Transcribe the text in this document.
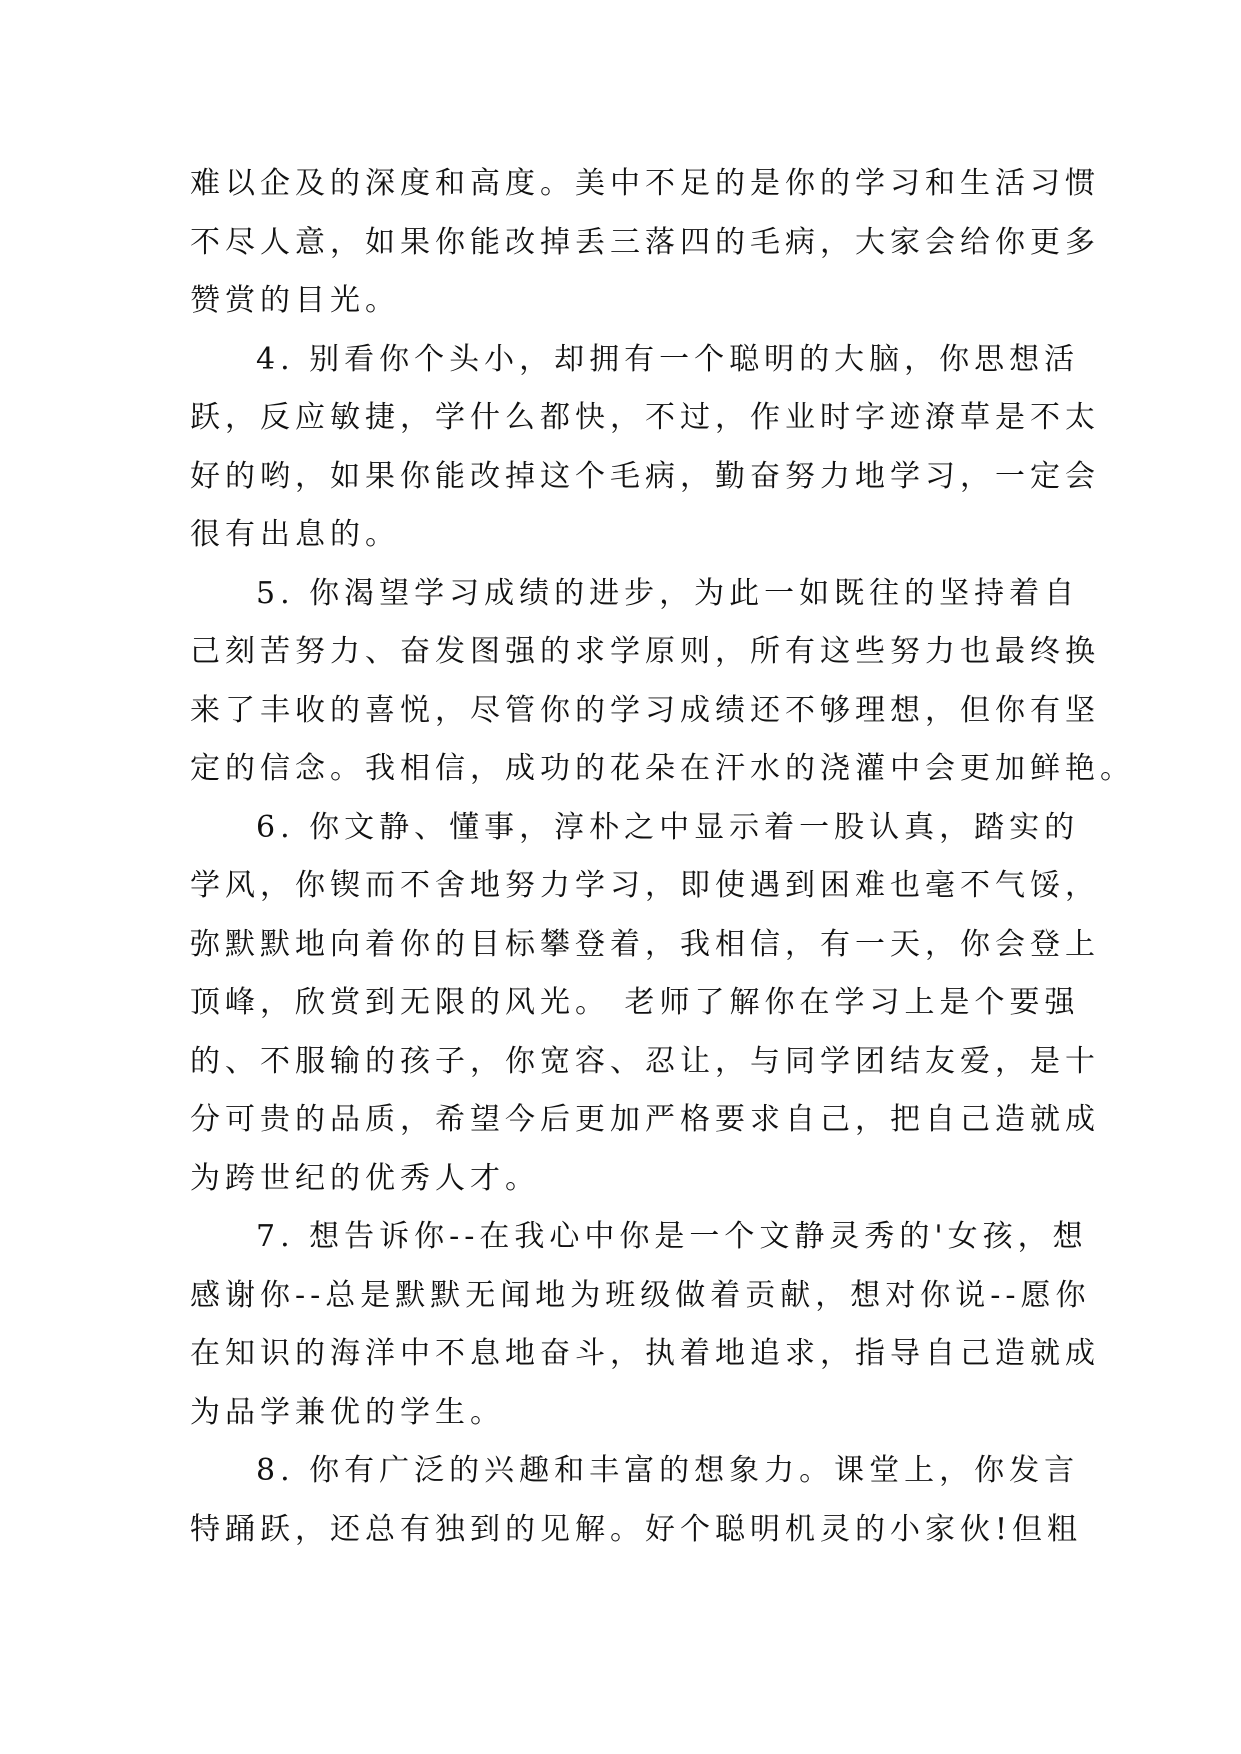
难以企及的深度和高度。美中不足的是你的学习和生活习惯
不尽人意，如果你能改掉丢三落四的毛病，大家会给你更多
赞赏的目光。
4. 别看你个头小，却拥有一个聪明的大脑，你思想活
跃，反应敏捷，学什么都快，不过，作业时字迹潦草是不太
好的哟，如果你能改掉这个毛病，勤奋努力地学习，一定会
很有出息的。
5. 你渴望学习成绩的进步，为此一如既往的坚持着自
己刻苦努力、奋发图强的求学原则，所有这些努力也最终换
来了丰收的喜悦，尽管你的学习成绩还不够理想，但你有坚
定的信念。我相信，成功的花朵在汗水的浇灌中会更加鲜艳。
6. 你文静、懂事，淳朴之中显示着一股认真，踏实的
学风，你锲而不舍地努力学习，即使遇到困难也毫不气馁，
弥默默地向着你的目标攀登着，我相信，有一天，你会登上
顶峰，欣赏到无限的风光。 老师了解你在学习上是个要强
的、不服输的孩子，你宽容、忍让，与同学团结友爱，是十
分可贵的品质，希望今后更加严格要求自己，把自己造就成
为跨世纪的优秀人才。
7. 想告诉你--在我心中你是一个文静灵秀的'女孩，想
感谢你--总是默默无闻地为班级做着贡献，想对你说--愿你
在知识的海洋中不息地奋斗，执着地追求，指导自己造就成
为品学兼优的学生。
8. 你有广泛的兴趣和丰富的想象力。课堂上，你发言
特踊跃，还总有独到的见解。好个聪明机灵的小家伙!但粗
